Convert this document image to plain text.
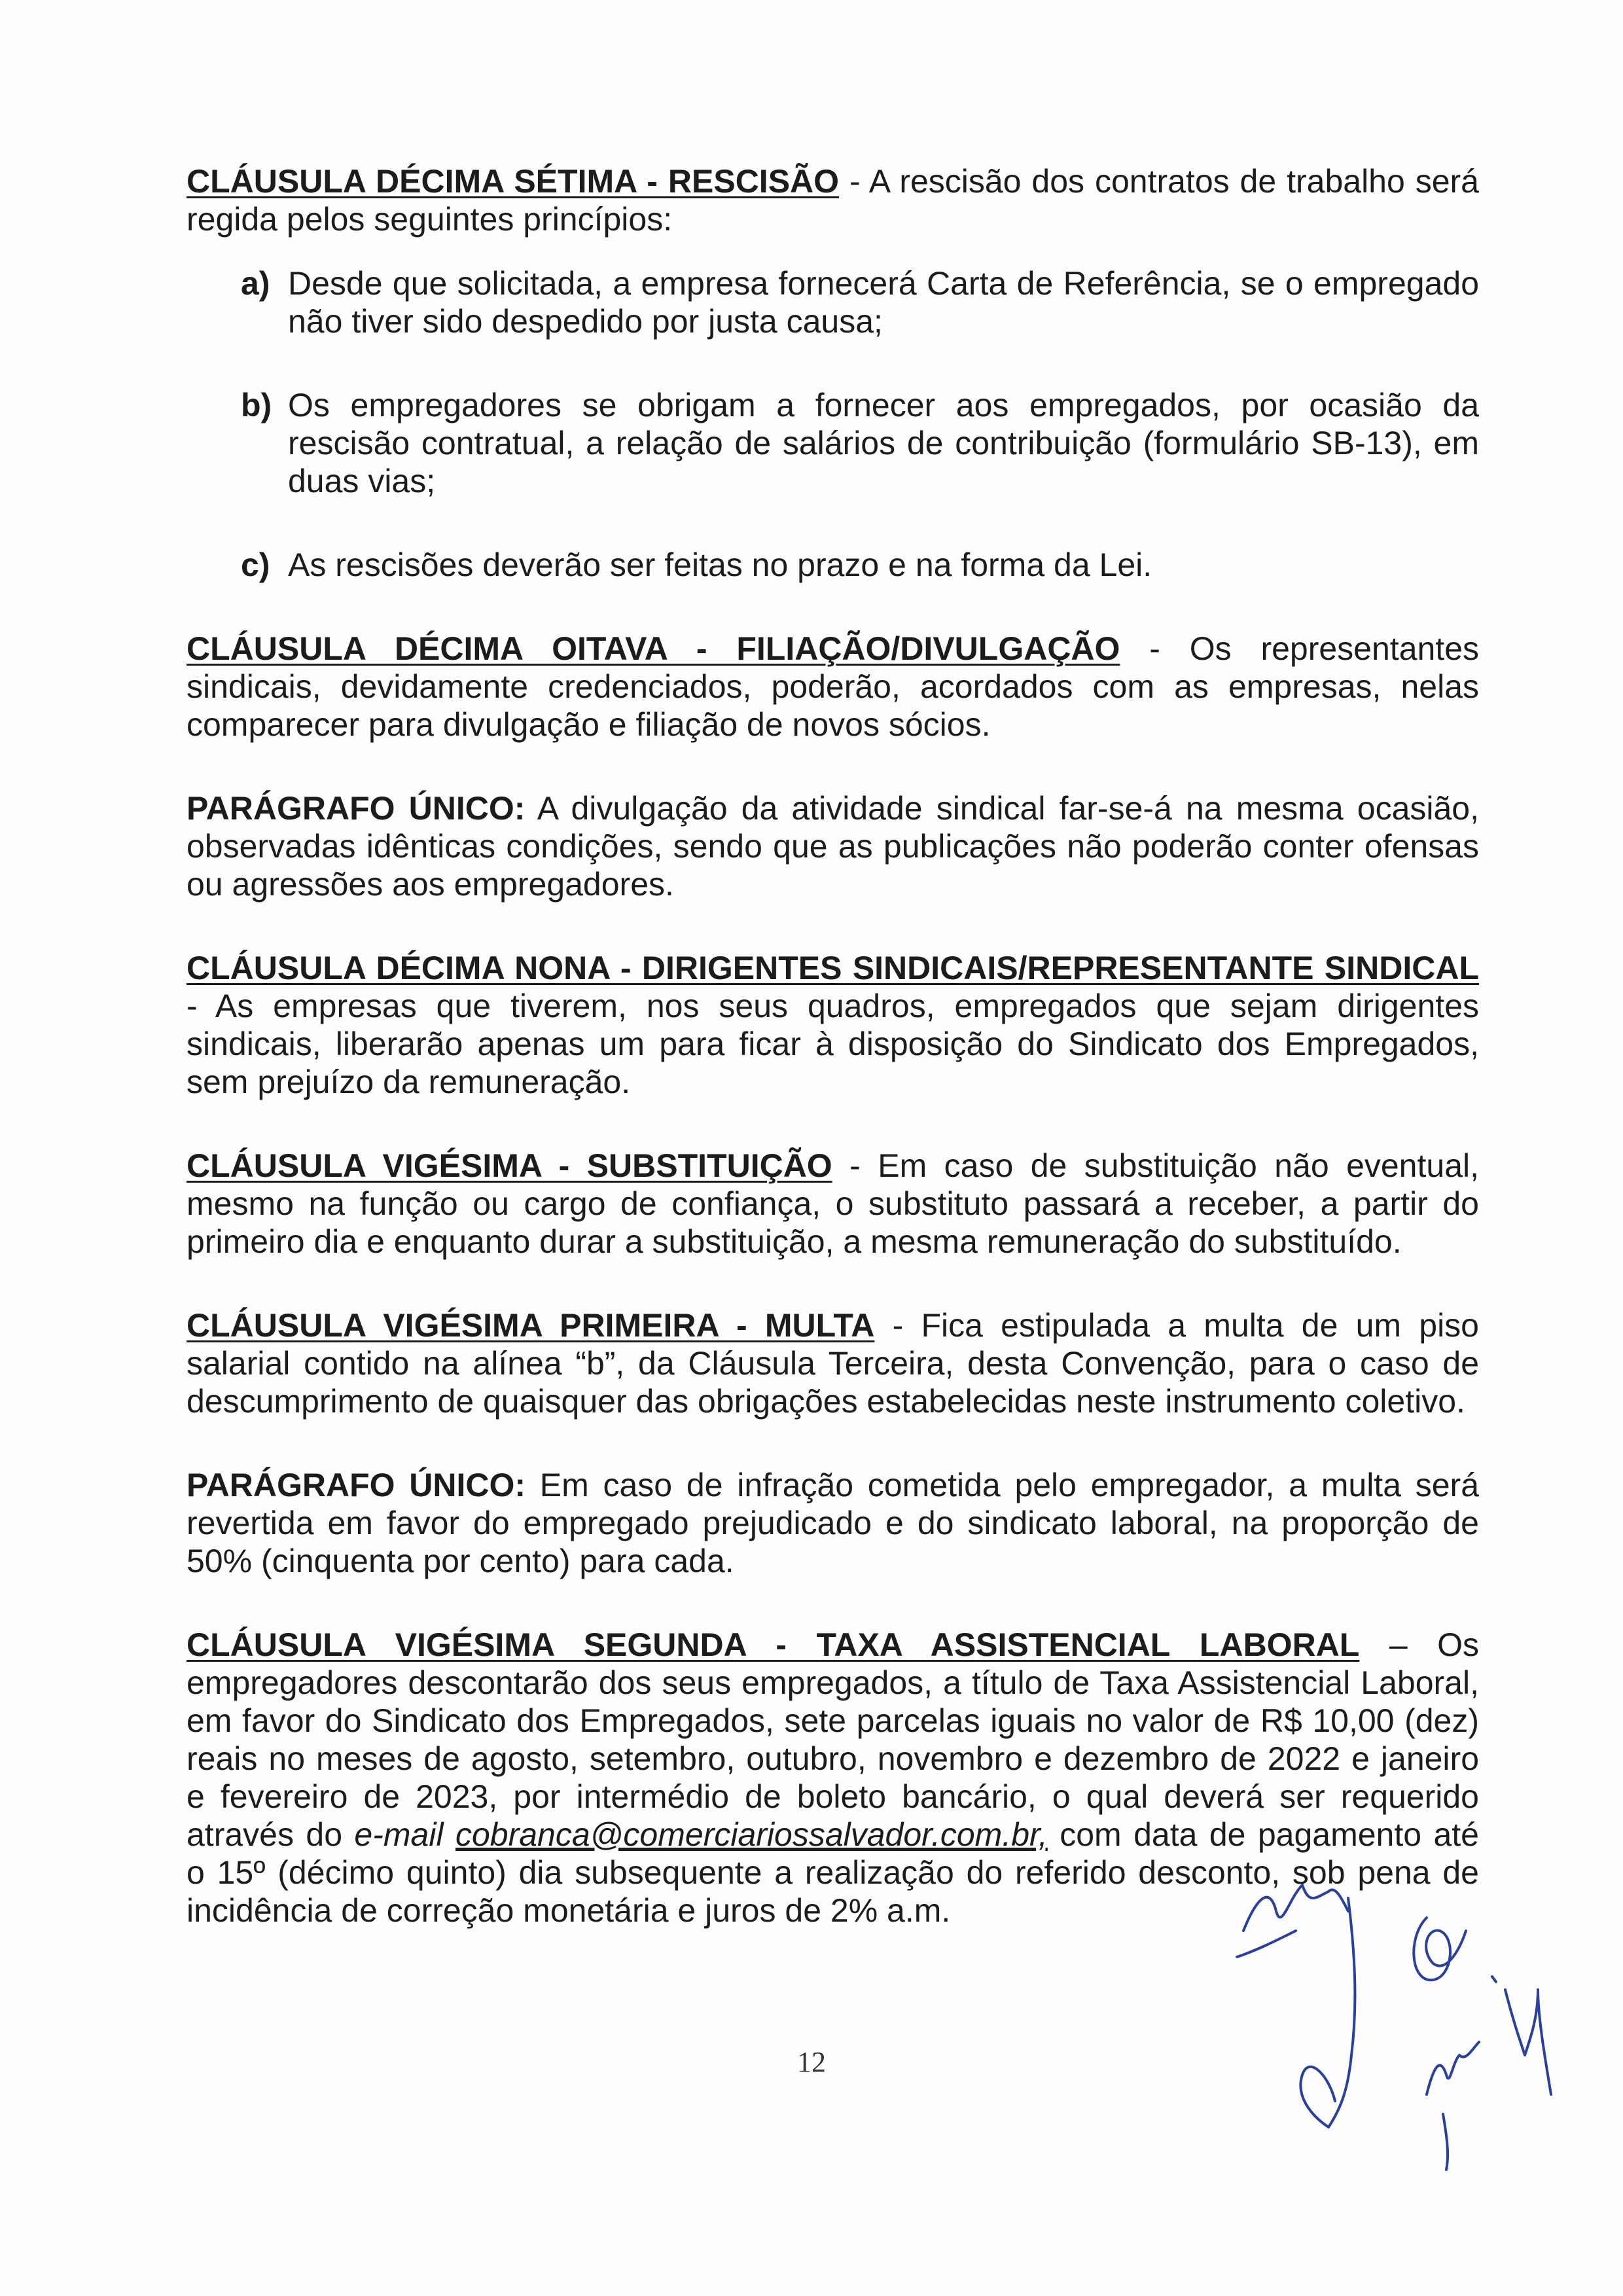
CLÁUSULA DÉCIMA SÉTIMA - RESCISÃO - A rescisão dos contratos de trabalho será regida pelos seguintes princípios:

a) Desde que solicitada, a empresa fornecerá Carta de Referência, se o empregado não tiver sido despedido por justa causa;
b) Os empregadores se obrigam a fornecer aos empregados, por ocasião da rescisão contratual, a relação de salários de contribuição (formulário SB-13), em duas vias;
c) As rescisões deverão ser feitas no prazo e na forma da Lei.

CLÁUSULA DÉCIMA OITAVA - FILIAÇÃO/DIVULGAÇÃO - Os representantes sindicais, devidamente credenciados, poderão, acordados com as empresas, nelas comparecer para divulgação e filiação de novos sócios.

PARÁGRAFO ÚNICO: A divulgação da atividade sindical far-se-á na mesma ocasião, observadas idênticas condições, sendo que as publicações não poderão conter ofensas ou agressões aos empregadores.

CLÁUSULA DÉCIMA NONA - DIRIGENTES SINDICAIS/REPRESENTANTE SINDICAL - As empresas que tiverem, nos seus quadros, empregados que sejam dirigentes sindicais, liberarão apenas um para ficar à disposição do Sindicato dos Empregados, sem prejuízo da remuneração.

CLÁUSULA VIGÉSIMA - SUBSTITUIÇÃO - Em caso de substituição não eventual, mesmo na função ou cargo de confiança, o substituto passará a receber, a partir do primeiro dia e enquanto durar a substituição, a mesma remuneração do substituído.

CLÁUSULA VIGÉSIMA PRIMEIRA - MULTA - Fica estipulada a multa de um piso salarial contido na alínea “b”, da Cláusula Terceira, desta Convenção, para o caso de descumprimento de quaisquer das obrigações estabelecidas neste instrumento coletivo.

PARÁGRAFO ÚNICO: Em caso de infração cometida pelo empregador, a multa será revertida em favor do empregado prejudicado e do sindicato laboral, na proporção de 50% (cinquenta por cento) para cada.

CLÁUSULA VIGÉSIMA SEGUNDA - TAXA ASSISTENCIAL LABORAL – Os empregadores descontarão dos seus empregados, a título de Taxa Assistencial Laboral, em favor do Sindicato dos Empregados, sete parcelas iguais no valor de R$ 10,00 (dez) reais no meses de agosto, setembro, outubro, novembro e dezembro de 2022 e janeiro e fevereiro de 2023, por intermédio de boleto bancário, o qual deverá ser requerido através do e-mail cobranca@comerciariossalvador.com.br, com data de pagamento até o 15º (décimo quinto) dia subsequente a realização do referido desconto, sob pena de incidência de correção monetária e juros de 2% a.m.

12
